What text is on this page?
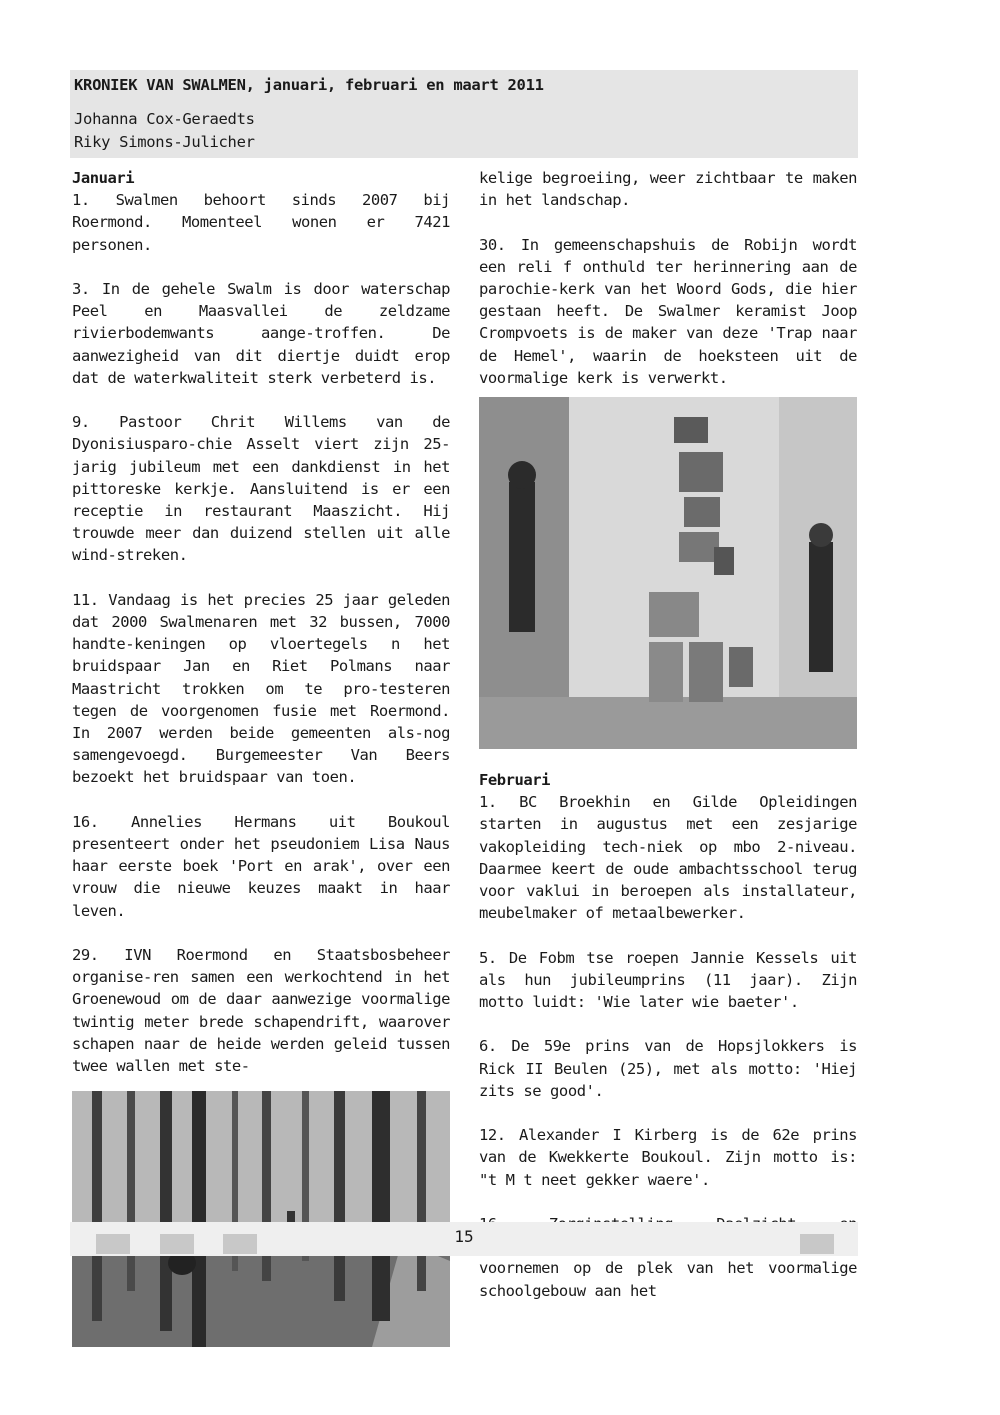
KRONIEK VAN SWALMEN, januari, februari en maart 2011
Johanna Cox-Geraedts
Riky Simons-Julicher
Januari

1. Swalmen behoort sinds 2007 bij Roermond. Momenteel wonen er 7421 personen.

3. In de gehele Swalm is door waterschap Peel en Maasvallei de zeldzame rivierbodemwants aange-troffen. De aanwezigheid van dit diertje duidt erop dat de waterkwaliteit sterk verbeterd is.

9. Pastoor Chrit Willems van de Dyonisiusparo-chie Asselt viert zijn 25-jarig jubileum met een dankdienst in het pittoreske kerkje. Aansluitend is er een receptie in restaurant Maaszicht. Hij trouwde meer dan duizend stellen uit alle wind-streken.

11. Vandaag is het precies 25 jaar geleden dat 2000 Swalmenaren met 32 bussen, 7000 handte-keningen op vloertegels n het bruidspaar Jan en Riet Polmans naar Maastricht trokken om te pro-testeren tegen de voorgenomen fusie met Roermond. In 2007 werden beide gemeenten als-nog samengevoegd. Burgemeester Van Beers bezoekt het bruidspaar van toen.

16. Annelies Hermans uit Boukoul presenteert onder het pseudoniem Lisa Naus haar eerste boek 'Port en arak', over een vrouw die nieuwe keuzes maakt in haar leven.

29. IVN Roermond en Staatsbosbeheer organise-ren samen een werkochtend in het Groenewoud om de daar aanwezige voormalige twintig meter brede schapendrift, waarover schapen naar de heide werden geleid tussen twee wallen met ste-

kelige begroeiing, weer zichtbaar te maken in het landschap.

30. In gemeenschapshuis de Robijn wordt een reli f onthuld ter herinnering aan de parochie-kerk van het Woord Gods, die hier gestaan heeft. De Swalmer keramist Joop Crompvoets is de maker van deze 'Trap naar de Hemel', waarin de hoeksteen uit de voormalige kerk is verwerkt.

Februari

1. BC Broekhin en Gilde Opleidingen starten in augustus met een zesjarige vakopleiding tech-niek op mbo 2-niveau. Daarmee keert de oude ambachtsschool terug voor vaklui in beroepen als installateur, meubelmaker of metaalbewerker.

5. De Fobm tse roepen Jannie Kessels uit als hun jubileumprins (11 jaar). Zijn motto luidt: 'Wie later wie baeter'.

6. De 59e prins van de Hopsjlokkers is Rick II Beulen (25), met als motto: 'Hiej zits se good'.

12. Alexander I Kirberg is de 62e prins van de Kwekkerte Boukoul. Zijn motto is: "t M t neet gekker waere'.

voornemen op de plek van het voormalige schoolgebouw aan het

15
